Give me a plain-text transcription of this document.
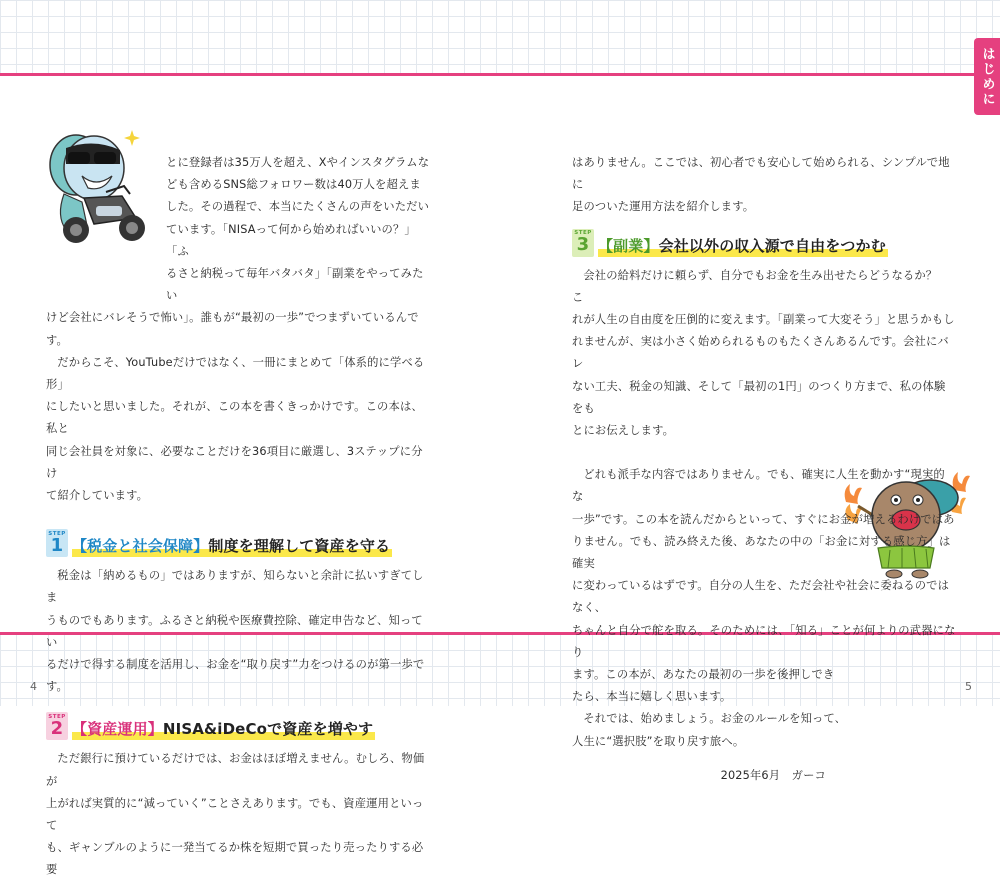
はじめに
4	5
とに登録者は35万人を超え、Xやインスタグラムな
ども含めるSNS総フォロワー数は40万人を超えま
した。その過程で、本当にたくさんの声をいただい
ています。「NISAって何から始めればいいの？」「ふ
るさと納税って毎年バタバタ」「副業をやってみたい
けど会社にバレそうで怖い」。誰もが“最初の一歩”でつまずいているんです。
だからこそ、YouTubeだけではなく、一冊にまとめて「体系的に学べる形」
にしたいと思いました。それが、この本を書くきっかけです。この本は、私と
同じ会社員を対象に、必要なことだけを36項目に厳選し、3ステップに分け
て紹介しています。
STEP
1 【税金と社会保障】制度を理解して資産を守る
税金は「納めるもの」ではありますが、知らないと余計に払いすぎてしま
うものでもあります。ふるさと納税や医療費控除、確定申告など、知ってい
るだけで得する制度を活用し、お金を“取り戻す”力をつけるのが第一歩です。
STEP
2 【資産運用】NISA&iDeCoで資産を増やす
ただ銀行に預けているだけでは、お金はほぼ増えません。むしろ、物価が
上がれば実質的に“減っていく”ことさえあります。でも、資産運用といって
も、ギャンブルのように一発当てるか株を短期で買ったり売ったりする必要
はありません。ここでは、初心者でも安心して始められる、シンプルで地に
足のついた運用方法を紹介します。
STEP
3 【副業】会社以外の収入源で自由をつかむ
会社の給料だけに頼らず、自分でもお金を生み出せたらどうなるか？　こ
れが人生の自由度を圧倒的に変えます。「副業って大変そう」と思うかもし
れませんが、実は小さく始められるものもたくさんあるんです。会社にバレ
ない工夫、税金の知識、そして「最初の1円」のつくり方まで、私の体験をも
とにお伝えします。
どれも派手な内容ではありません。でも、確実に人生を動かす“現実的な
一歩”です。この本を読んだからといって、すぐにお金が増えるわけではあ
りません。でも、読み終えた後、あなたの中の「お金に対する感じ方」は確実
に変わっているはずです。自分の人生を、ただ会社や社会に委ねるのではなく、
ちゃんと自分で舵を取る。そのためには、「知る」ことが何よりの武器になり
ます。この本が、あなたの最初の一歩を後押しでき
たら、本当に嬉しく思います。
それでは、始めましょう。お金のルールを知って、
人生に“選択肢”を取り戻す旅へ。
2025年6月　ガーコ
